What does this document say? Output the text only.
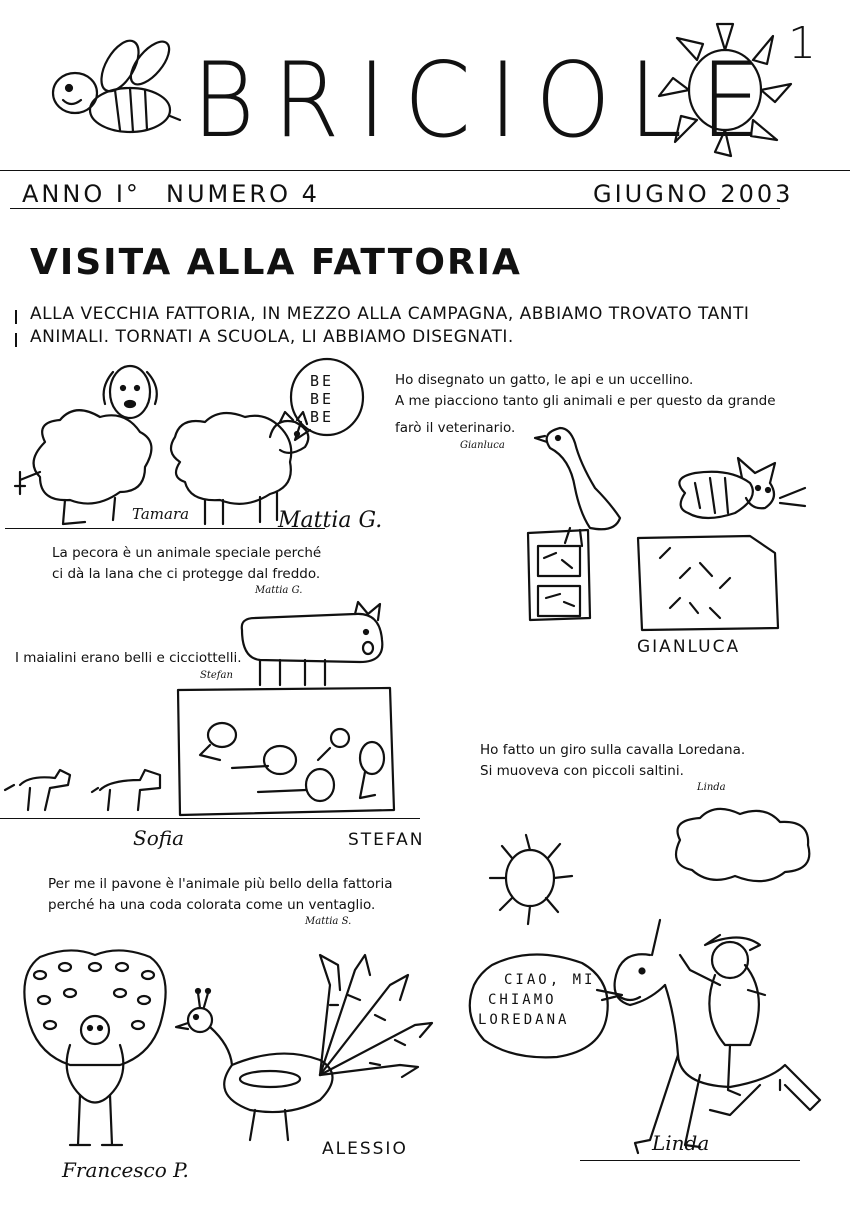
BRICIOLE 1
ANNO I° NUMERO 4	GIUGNO 2003
VISITA ALLA FATTORIA
ALLA VECCHIA FATTORIA, IN MEZZO ALLA CAMPAGNA, ABBIAMO TROVATO TANTI
ANIMALI. TORNATI A SCUOLA, LI ABBIAMO DISEGNATI.
BE
BE
BE
Tamara	Mattia G.
La pecora è un animale speciale perché
ci dà la lana che ci protegge dal freddo.
Mattia G.
Ho disegnato un gatto, le api e un uccellino.
A me piacciono tanto gli animali e per questo da grande
farò il veterinario.
Gianluca
GIANLUCA
I maialini erano belli e cicciottelli.
Stefan
Sofia	STEFAN
Ho fatto un giro sulla cavalla Loredana.
Si muoveva con piccoli saltini.
Linda
Per me il pavone è l'animale più bello della fattoria
perché ha una coda colorata come un ventaglio.
Mattia S.
Francesco P.
ALESSIO
CIAO, MI
CHIAMO
LOREDANA
Linda
